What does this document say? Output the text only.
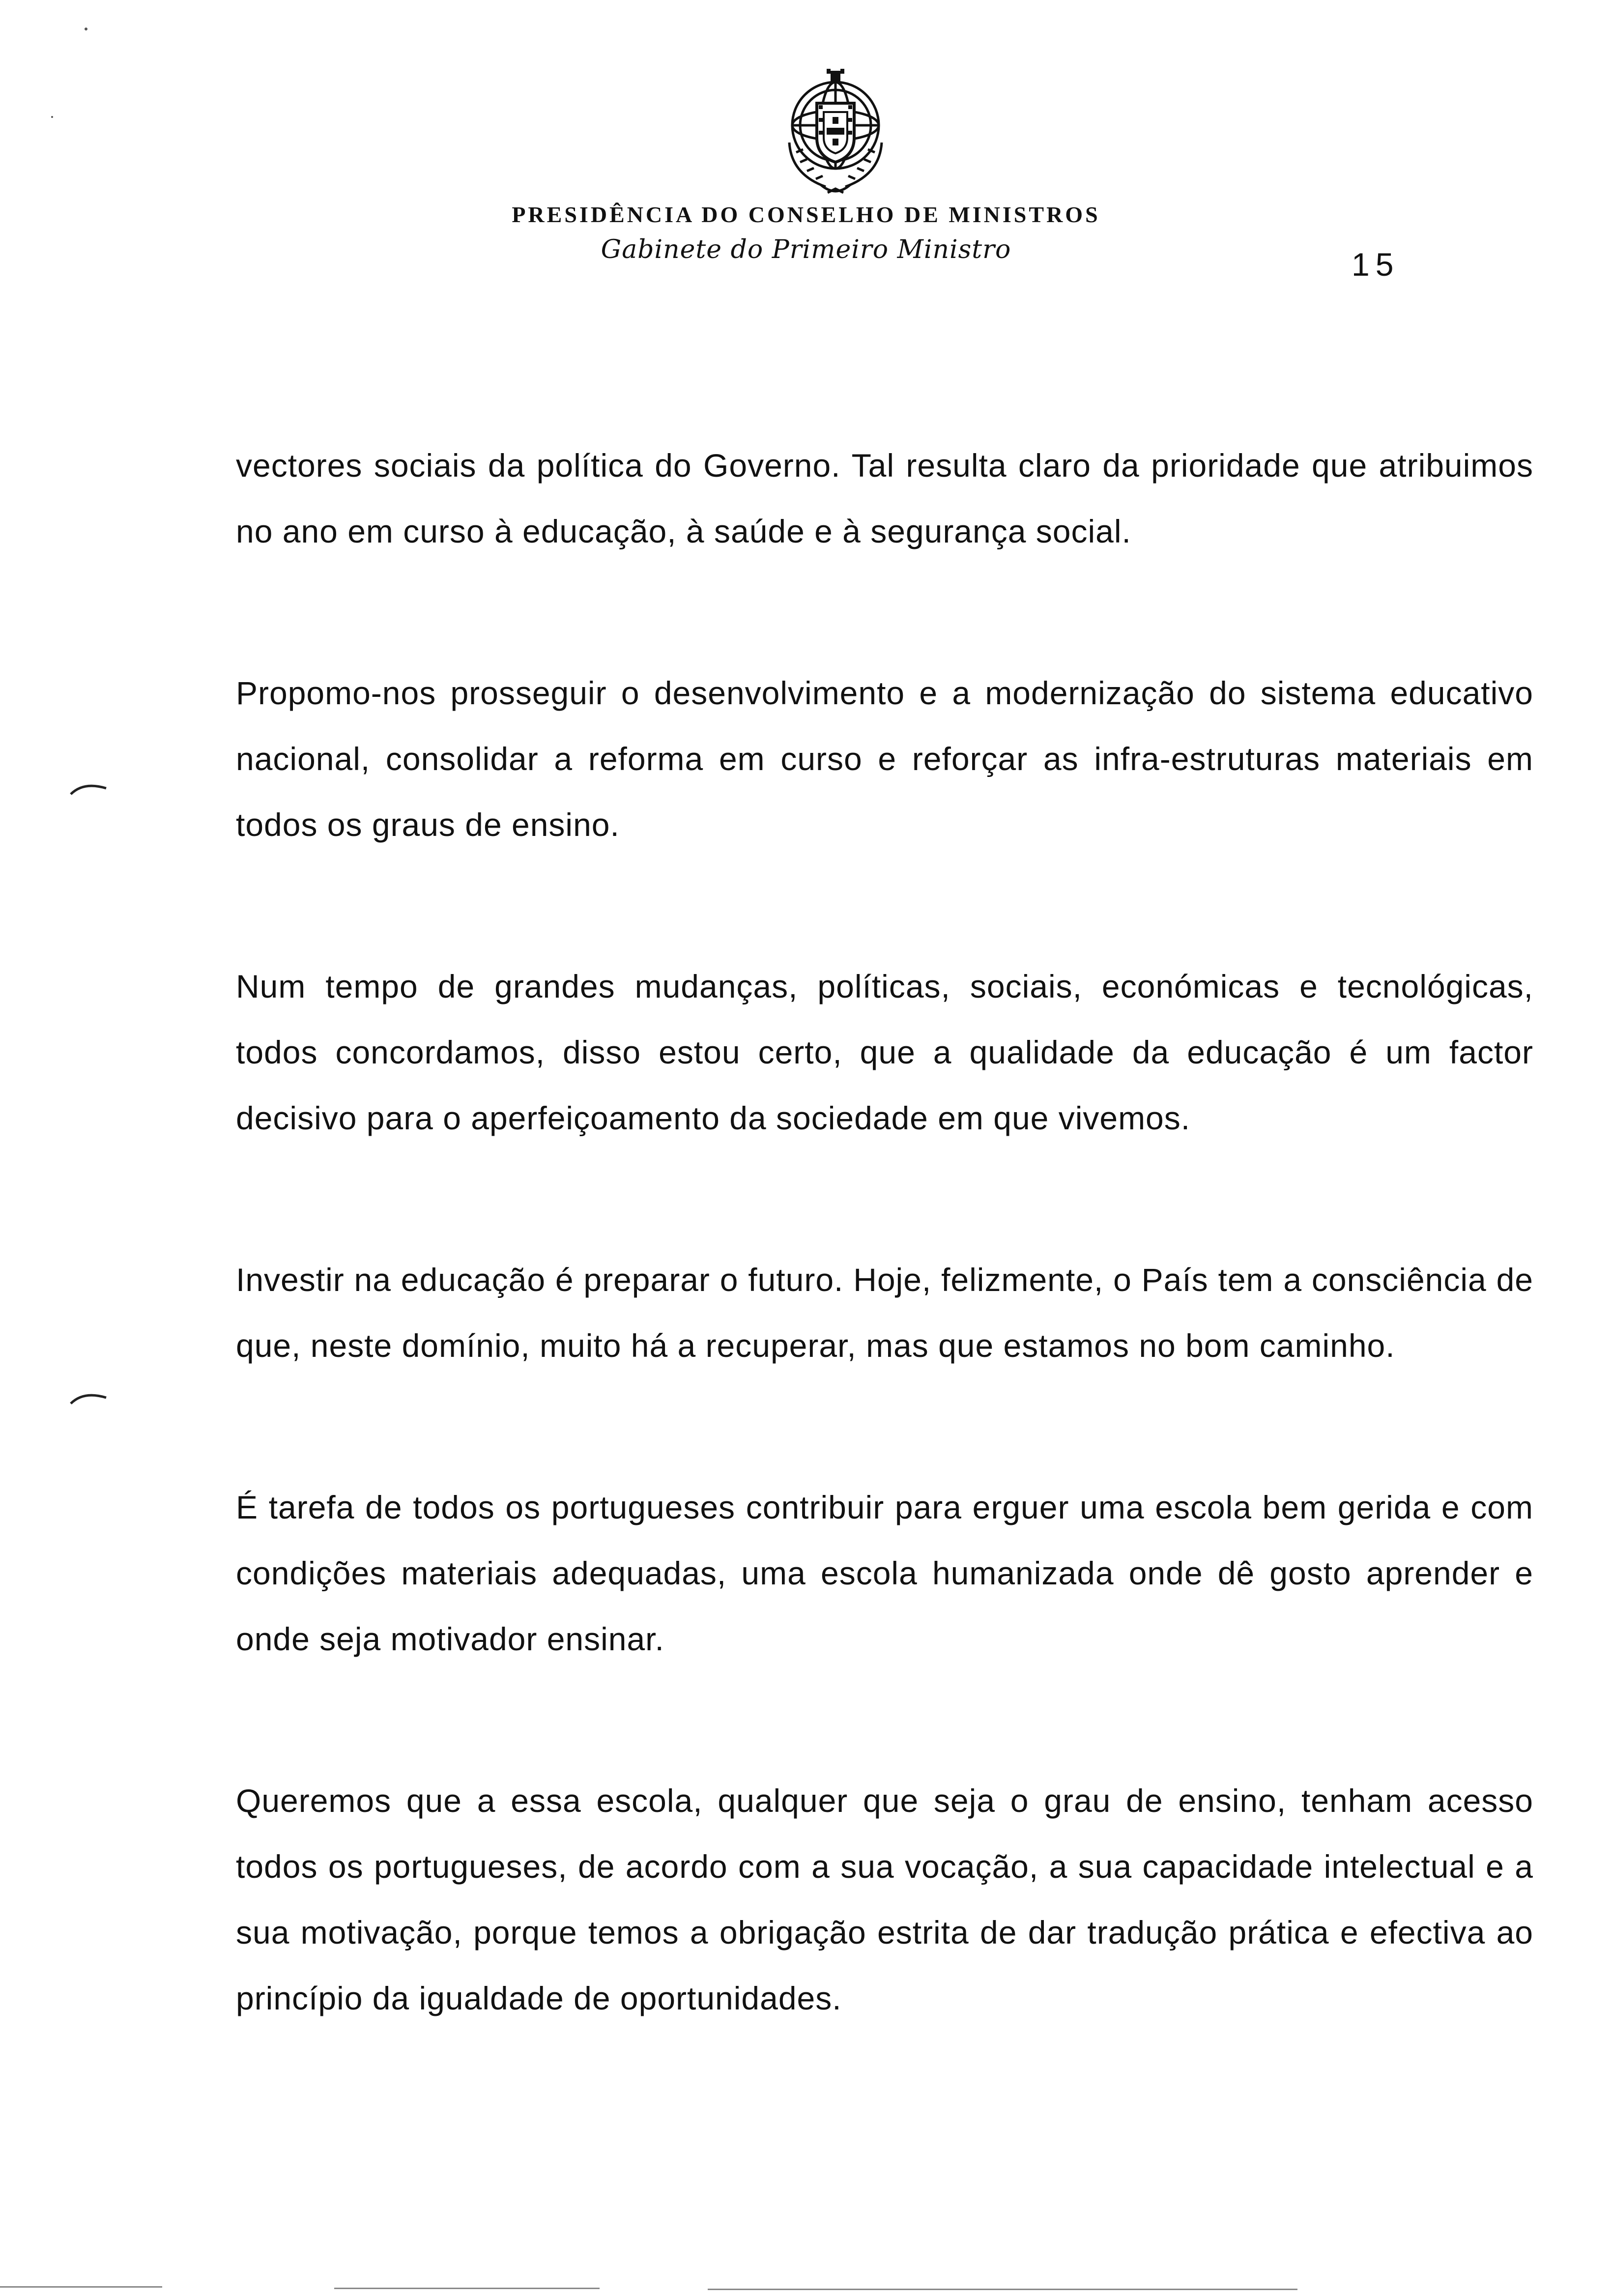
PRESIDÊNCIA DO CONSELHO DE MINISTROS
Gabinete do Primeiro Ministro	15

vectores sociais da política do Governo. Tal resulta claro da prioridade que atribuimos no ano em curso à educação, à saúde e à segurança social.

Propomo-nos prosseguir o desenvolvimento e a modernização do sistema educativo nacional, consolidar a reforma em curso e reforçar as infra-estruturas materiais em todos os graus de ensino.

Num tempo de grandes mudanças, políticas, sociais, económicas e tecnológicas, todos concordamos, disso estou certo, que a qualidade da educação é um factor decisivo para o aperfeiçoamento da sociedade em que vivemos.

Investir na educação é preparar o futuro. Hoje, felizmente, o País tem a consciência de que, neste domínio, muito há a recuperar, mas que estamos no bom caminho.

É tarefa de todos os portugueses contribuir para erguer uma escola bem gerida e com condições materiais adequadas, uma escola humanizada onde dê gosto aprender e onde seja motivador ensinar.

Queremos que a essa escola, qualquer que seja o grau de ensino, tenham acesso todos os portugueses, de acordo com a sua vocação, a sua capacidade intelectual e a sua motivação, porque temos a obrigação estrita de dar tradução prática e efectiva ao princípio da igualdade de oportunidades.
